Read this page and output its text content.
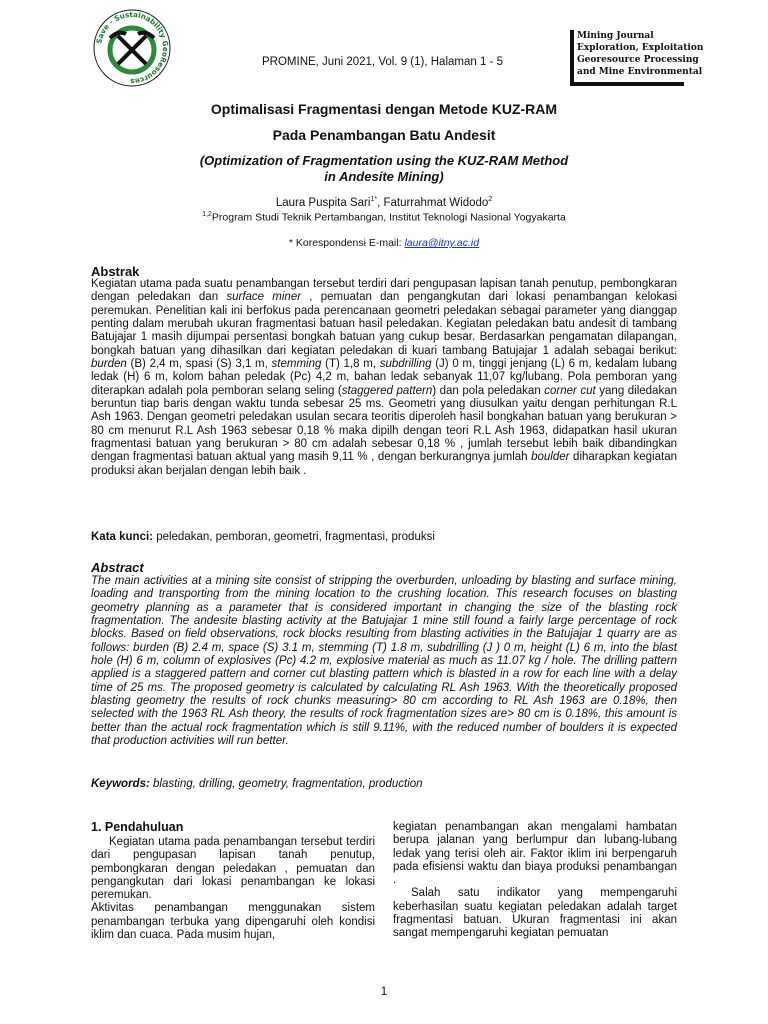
Save - Sustainability GeoResources
PROMINE, Juni 2021, Vol. 9 (1), Halaman 1 - 5
Mining Journal
Exploration, Exploitation
Georesource Processing
and Mine Environmental
Optimalisasi Fragmentasi dengan Metode KUZ-RAM
Pada Penambangan Batu Andesit
(Optimization of Fragmentation using the KUZ-RAM Method
in Andesite Mining)
Laura Puspita Sari$^{1*}$, Faturrahmat Widodo$^2$
$^{1,2}$Program Studi Teknik Pertambangan, Institut Teknologi Nasional Yogyakarta
* Korespondensi E-mail: laura@itny.ac.id
Abstrak
Kegiatan utama pada suatu penambangan tersebut terdiri dari pengupasan lapisan tanah penutup, pembongkaran dengan peledakan dan surface miner , pemuatan dan pengangkutan dari lokasi penambangan kelokasi peremukan. Penelitian kali ini berfokus pada perencanaan geometri peledakan sebagai parameter yang dianggap penting dalam merubah ukuran fragmentasi batuan hasil peledakan. Kegiatan peledakan batu andesit di tambang Batujajar 1 masih dijumpai persentasi bongkah batuan yang cukup besar. Berdasarkan pengamatan dilapangan, bongkah batuan yang dihasilkan dari kegiatan peledakan di kuari tambang Batujajar 1 adalah sebagai berikut: burden (B) 2,4 m, spasi (S) 3,1 m, stemming (T) 1,8 m, subdrilling (J) 0 m, tinggi jenjang (L) 6 m, kedalam lubang ledak (H) 6 m, kolom bahan peledak (Pc) 4,2 m, bahan ledak sebanyak 11,07 kg/lubang. Pola pemboran yang diterapkan adalah pola pemboran selang seling (staggered pattern) dan pola peledakan corner cut yang diledakan beruntun tiap baris dengan waktu tunda sebesar 25 ms. Geometri yang diusulkan yaitu dengan perhitungan R.L Ash 1963. Dengan geometri peledakan usulan secara teoritis diperoleh hasil bongkahan batuan yang berukuran > 80 cm menurut R.L Ash 1963 sebesar 0,18 % maka dipilh dengan teori R.L Ash 1963, didapatkan hasil ukuran fragmentasi batuan yang berukuran > 80 cm adalah sebesar 0,18 % , jumlah tersebut lebih baik dibandingkan dengan fragmentasi batuan aktual yang masih 9,11 % , dengan berkurangnya jumlah boulder diharapkan kegiatan produksi akan berjalan dengan lebih baik .
Kata kunci: peledakan, pemboran, geometri, fragmentasi, produksi
Abstract
The main activities at a mining site consist of stripping the overburden, unloading by blasting and surface mining, loading and transporting from the mining location to the crushing location. This research focuses on blasting geometry planning as a parameter that is considered important in changing the size of the blasting rock fragmentation. The andesite blasting activity at the Batujajar 1 mine still found a fairly large percentage of rock blocks. Based on field observations, rock blocks resulting from blasting activities in the Batujajar 1 quarry are as follows: burden (B) 2.4 m, space (S) 3.1 m, stemming (T) 1.8 m, subdrilling (J ) 0 m, height (L) 6 m, into the blast hole (H) 6 m, column of explosives (Pc) 4.2 m, explosive material as much as 11.07 kg / hole. The drilling pattern applied is a staggered pattern and corner cut blasting pattern which is blasted in a row for each line with a delay time of 25 ms. The proposed geometry is calculated by calculating RL Ash 1963. With the theoretically proposed blasting geometry the results of rock chunks measuring> 80 cm according to RL Ash 1963 are 0.18%, then selected with the 1963 RL Ash theory, the results of rock fragmentation sizes are> 80 cm is 0.18%, this amount is better than the actual rock fragmentation which is still 9.11%, with the reduced number of boulders it is expected that production activities will run better.
Keywords: blasting, drilling, geometry, fragmentation, production
1. Pendahuluan
Kegiatan utama pada penambangan tersebut terdiri dari pengupasan lapisan tanah penutup, pembongkaran dengan peledakan , pemuatan dan pengangkutan dari lokasi penambangan ke lokasi peremukan.
Aktivitas penambangan menggunakan sistem penambangan terbuka yang dipengaruhi oleh kondisi iklim dan cuaca. Pada musim hujan,
kegiatan penambangan akan mengalami hambatan berupa jalanan yang berlumpur dan lubang-lubang ledak yang terisi oleh air. Faktor iklim ini berpengaruh pada efisiensi waktu dan biaya produksi penambangan .
Salah satu indikator yang mempengaruhi keberhasilan suatu kegiatan peledakan adalah target fragmentasi batuan. Ukuran fragmentasi ini akan sangat mempengaruhi kegiatan pemuatan
1
